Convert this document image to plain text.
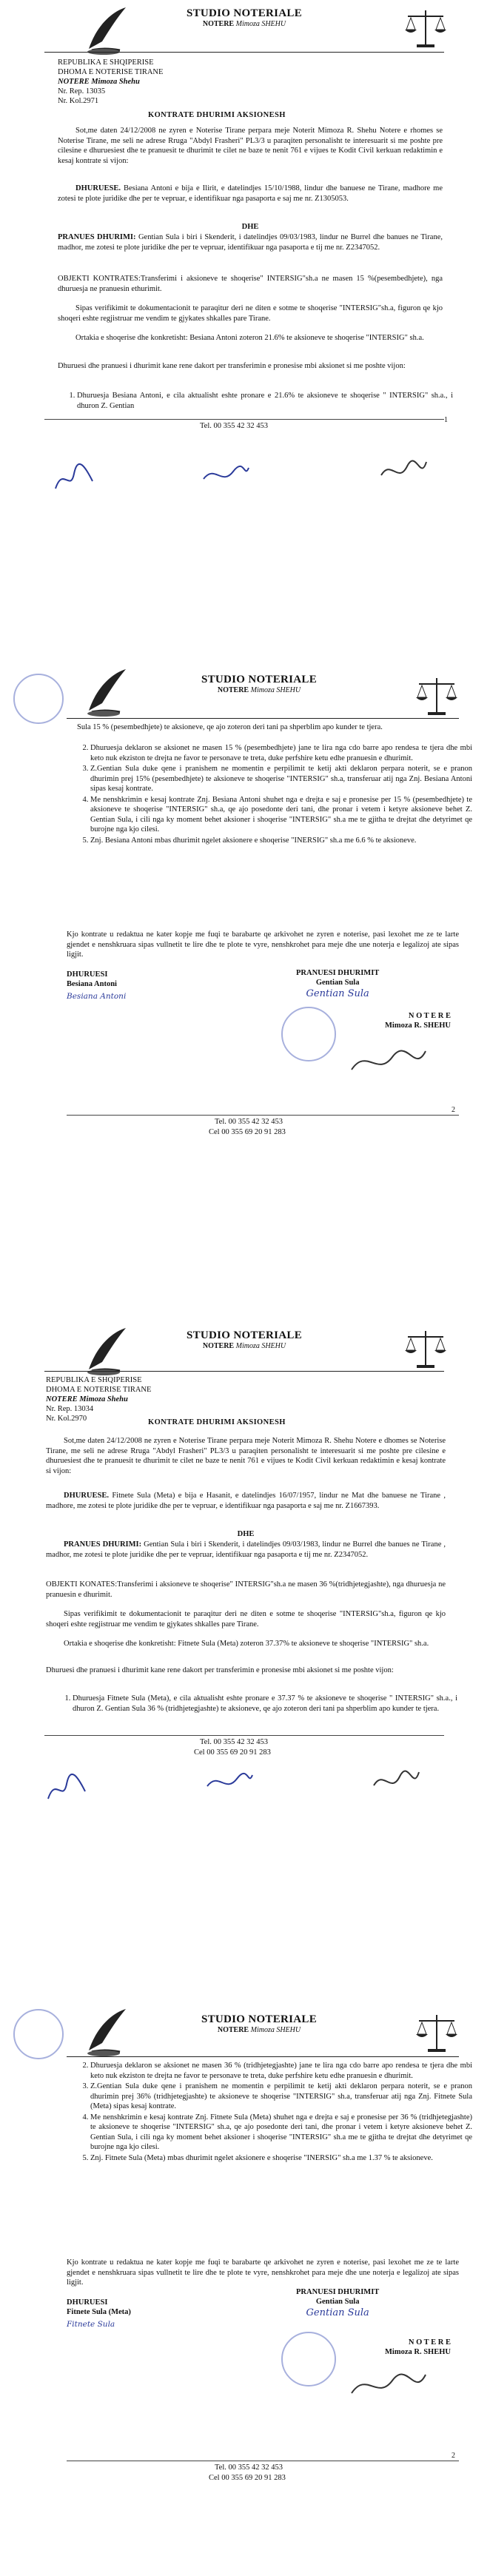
STUDIO NOTERIALE
NOTERE Mimoza SHEHU
REPUBLIKA E SHQIPERISE
DHOMA E NOTERISE TIRANE
NOTERE Mimoza Shehu
Nr. Rep. 13035
Nr. Kol.2971
KONTRATE DHURIMI AKSIONESH
Sot,me daten 24/12/2008 ne zyren e Noterise Tirane perpara meje Noterit Mimoza R. Shehu Notere e rhomes se Noterise Tirane, me seli ne adrese Rruga "Abdyl Frasheri" PL3/3 u paraqiten personalisht te interesuarit si me poshte pre cilesine e dhuruesiest dhe te pranuesit te dhurimit te cilet ne baze te nenit 761 e vijues te Kodit Civil kerkuan redaktimin e kesaj kontrate si vijon:
DHURUESE. Besiana Antoni e bija e Ilirit, e datelindjes 15/10/1988, lindur dhe banuese ne Tirane, madhore me zotesi te plote juridike dhe per te vepruar, e identifikuar nga pasaporta e saj me nr. Z1305053.
DHE
PRANUES DHURIMI: Gentian Sula i biri i Skenderit, i datelindjes 09/03/1983, lindur ne Burrel dhe banues ne Tirane, madhor, me zotesi te plote juridike dhe per te vepruar, identifikuar nga pasaporta e tij me nr. Z2347052.
OBJEKTI KONTRATES:Transferimi i aksioneve te shoqerise" INTERSIG"sh.a ne masen 15 %(pesembedhjete), nga dhuruesja ne pranuesin ethurimit.
Sipas verifikimit te dokumentacionit te paraqitur deri ne diten e sotme te shoqerise "INTERSIG"sh.a, figuron qe kjo shoqeri eshte regjistruar me vendim te gjykates shkalles pare Tirane.
Ortakia e shoqerise dhe konkretisht: Besiana Antoni zoteron 21.6% te aksioneve te shoqerise "INTERSIG" sh.a.
Dhuruesi dhe pranuesi i dhurimit kane rene dakort per transferimin e pronesise mbi aksionet si me poshte vijon:
1. Dhuruesja Besiana Antoni, e cila aktualisht eshte pronare e 21.6% te aksioneve te shoqerise " INTERSIG" sh.a., i dhuron Z. Gentian
Tel. 00 355 42 32 453
1
STUDIO NOTERIALE
NOTERE Mimoza SHEHU
Sula 15 % (pesembedhjete) te aksioneve, qe ajo zoteron deri tani pa shperblim apo kunder te tjera.
2. Dhuruesja deklaron se aksionet ne masen 15 % (pesembedhjete) jane te lira nga cdo barre apo rendesa te tjera dhe mbi keto nuk ekziston te drejta ne favor te personave te treta, duke perfshire ketu edhe pranuesin e dhurimit.
3. Z.Gentian Sula duke qene i pranishem ne momentin e perpilimit te ketij akti deklaron perpara noterit, se e pranon dhurimin prej 15% (pesembedhjete) te aksioneve te shoqerise "INTERSIG" sh.a, transferuar atij nga Znj. Besiana Antoni sipas kesaj kontrate.
4. Me nenshkrimin e kesaj kontrate Znj. Besiana Antoni shuhet nga e drejta e saj e pronesise per 15 % (pesembedhjete) te aksioneve te shoqerise "INTERSIG" sh.a, qe ajo posedonte deri tani, dhe pronar i vetem i ketyre aksioneve behet Z. Gentian Sula, i cili nga ky moment behet aksioner i shoqerise "INTERSIG" sh.a me te gjitha te drejtat dhe detyrimet qe burojne nga kjo cilesi.
5. Znj. Besiana Antoni mbas dhurimit ngelet aksionere e shoqerise "INERSIG" sh.a me 6.6 % te aksioneve.
Kjo kontrate u redaktua ne kater kopje me fuqi te barabarte qe arkivohet ne zyren e noterise, pasi lexohet me ze te larte gjendet e nenshkruara sipas vullnetit te lire dhe te plote te vyre, nenshkrohet para meje dhe une noterja e legalizoj ate sipas ligjit.
DHURUESI
Besiana Antoni
Besiana Antoni
PRANUESI DHURIMIT
Gentian Sula
Gentian Sula
N O T E R E
Mimoza R. SHEHU
Tel. 00 355 42 32 453
Cel 00 355 69 20 91 283
2
STUDIO NOTERIALE
NOTERE Mimoza SHEHU
REPUBLIKA E SHQIPERISE
DHOMA E NOTERISE TIRANE
NOTERE Mimoza Shehu
Nr. Rep. 13034
Nr. Kol.2970	KONTRATE DHURIMI AKSIONESH
Sot,me daten 24/12/2008 ne zyren e Noterise Tirane perpara meje Noterit Mimoza R. Shehu Notere e dhomes se Noterise Tirane, me seli ne adrese Rruga "Abdyl Frasheri" PL3/3 u paraqiten personalisht te interesuarit si me poshte pre cilesine e dhuruesiest dhe te pranuesit te dhurimit te cilet ne baze te nenit 761 e vijues te Kodit Civil kerkuan redaktimin e kesaj kontrate si vijon:
DHURUESE. Fitnete Sula (Meta) e bija e Hasanit, e datelindjes 16/07/1957, lindur ne Mat dhe banuese ne Tirane , madhore, me zotesi te plote juridike dhe per te vepruar, e identifikuar nga pasaporta e saj me nr. Z1667393.
DHE
PRANUES DHURIMI: Gentian Sula i biri i Skenderit, i datelindjes 09/03/1983, lindur ne Burrel dhe banues ne Tirane , madhor, me zotesi te plote juridike dhe per te vepruar, identifikuar nga pasaporta e tij me nr. Z2347052.
OBJEKTI KONATES:Transferimi i aksioneve te shoqerise" INTERSIG"sh.a ne masen 36 %(tridhjetegjashte), nga dhuruesja ne pranuesin e dhurimit.
Sipas verifikimit te dokumentacionit te paraqitur deri ne diten e sotme te shoqerise "INTERSIG"sh.a, figuron qe kjo shoqeri eshte regjistruar me vendim te gjykates shkalles pare Tirane.
Ortakia e shoqerise dhe konkretisht: Fitnete Sula (Meta) zoteron 37.37% te aksioneve te shoqerise "INTERSIG" sh.a.
Dhuruesi dhe pranuesi i dhurimit kane rene dakort per transferimin e pronesise mbi aksionet si me poshte vijon:
1. Dhuruesja Fitnete Sula (Meta), e cila aktualisht eshte pronare e 37.37 % te aksioneve te shoqerise " INTERSIG" sh.a., i dhuron Z. Gentian Sula 36 % (tridhjetegjashte) te aksioneve, qe ajo zoteron deri tani pa shperblim apo kunder te tjera.
Tel. 00 355 42 32 453
Cel 00 355 69 20 91 283
STUDIO NOTERIALE
NOTERE Mimoza SHEHU
2. Dhuruesja deklaron se aksionet ne masen 36 % (tridhjetegjashte) jane te lira nga cdo barre apo rendesa te tjera dhe mbi keto nuk ekziston te drejta ne favor te personave te treta, duke perfshire ketu edhe pranuesin e dhurimit.
3. Z.Gentian Sula duke qene i pranishem ne momentin e perpilimit te ketij akti deklaron perpara noterit, se e pranon dhurimin prej 36% (tridhjetegjashte) te aksioneve te shoqerise "INTERSIG" sh.a, transferuar atij nga Znj. Fitnete Sula (Meta) sipas kesaj kontrate.
4. Me nenshkrimin e kesaj kontrate Znj. Fitnete Sula (Meta) shuhet nga e drejta e saj e pronesise per 36 % (tridhjetegjashte) te aksioneve te shoqerise "INTERSIG" sh.a, qe ajo posedonte deri tani, dhe pronar i vetem i ketyre aksioneve behet Z. Gentian Sula, i cili nga ky moment behet aksioner i shoqerise "INTERSIG" sh.a me te gjitha te drejtat dhe detyrimet qe burojne nga kjo cilesi.
5. Znj. Fitnete Sula (Meta) mbas dhurimit ngelet aksionere e shoqerise "INERSIG" sh.a me 1.37 % te aksioneve.
Kjo kontrate u redaktua ne kater kopje me fuqi te barabarte qe arkivohet ne zyren e noterise, pasi lexohet me ze te larte gjendet e nenshkruara sipas vullnetit te lire dhe te plote te vyre, nenshkrohet para meje dhe une noterja e legalizoj ate sipas ligjit.
DHURUESI
Fitnete Sula (Meta)
Fitnete Sula
PRANUESI DHURIMIT
Gentian Sula
Gentian Sula
N O T E R E
Mimoza R. SHEHU
Tel. 00 355 42 32 453
Cel 00 355 69 20 91 283
2
